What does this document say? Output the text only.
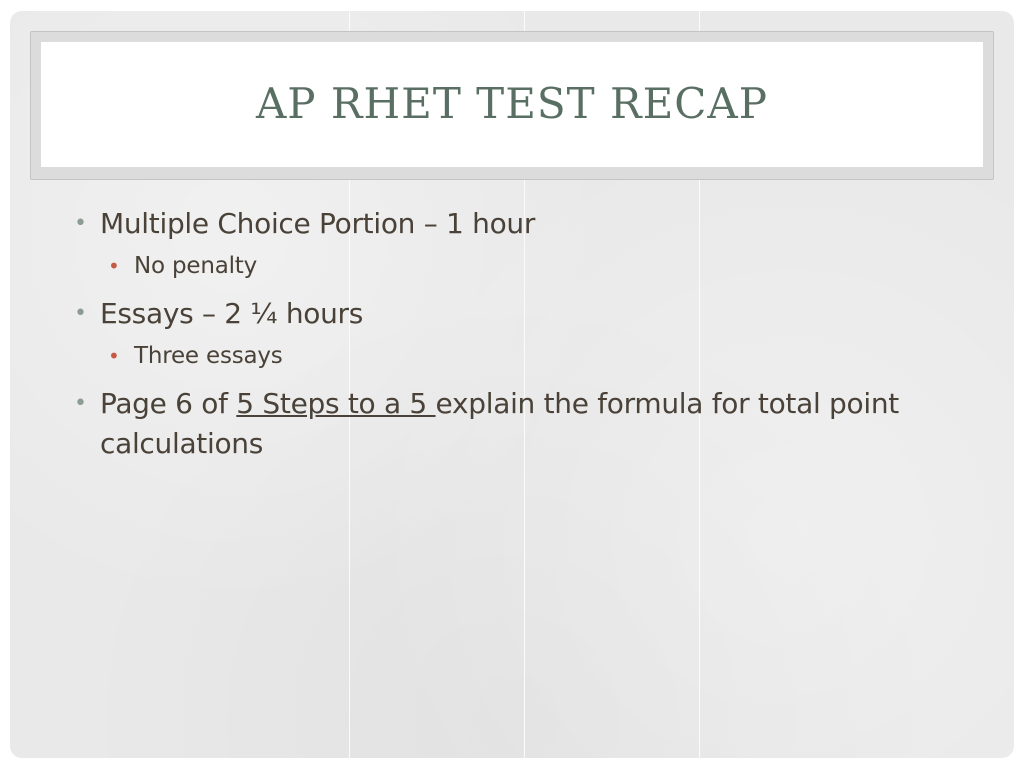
AP RHET TEST RECAP
• Multiple Choice Portion – 1 hour
• No penalty
• Essays – 2 ¼ hours
• Three essays
• Page 6 of 5 Steps to a 5 explain the formula for total point calculations
